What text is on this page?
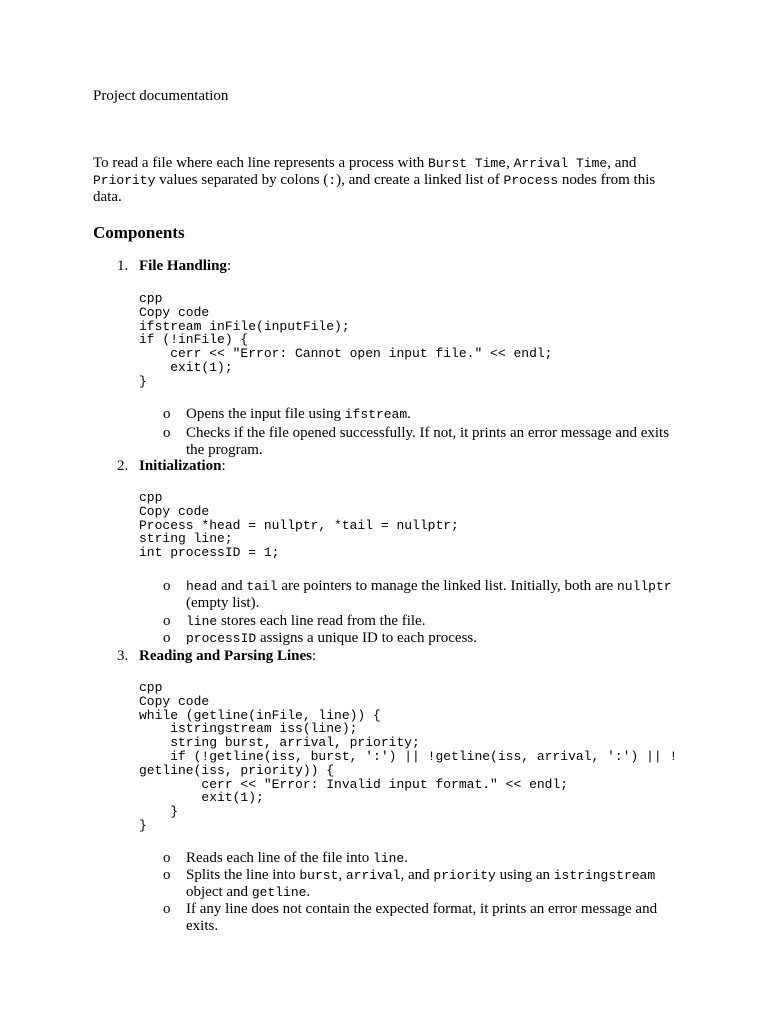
Project documentation

To read a file where each line represents a process with Burst Time, Arrival Time, and Priority values separated by colons (:), and create a linked list of Process nodes from this data.

Components
1. File Handling:
cpp
Copy code
ifstream inFile(inputFile);
if (!inFile) {
cerr << "Error: Cannot open input file." << endl;
exit(1);
}
o Opens the input file using ifstream.
o Checks if the file opened successfully. If not, it prints an error message and exits the program.
2. Initialization:
cpp
Copy code
Process *head = nullptr, *tail = nullptr;
string line;
int processID = 1;
o head and tail are pointers to manage the linked list. Initially, both are nullptr (empty list).
o line stores each line read from the file.
o processID assigns a unique ID to each process.
3. Reading and Parsing Lines:
cpp
Copy code
while (getline(inFile, line)) {
istringstream iss(line);
string burst, arrival, priority;
if (!getline(iss, burst, ':') || !getline(iss, arrival, ':') || !
getline(iss, priority)) {
cerr << "Error: Invalid input format." << endl;
exit(1);
}
}
o Reads each line of the file into line.
o Splits the line into burst, arrival, and priority using an istringstream object and getline.
o If any line does not contain the expected format, it prints an error message and exits.
